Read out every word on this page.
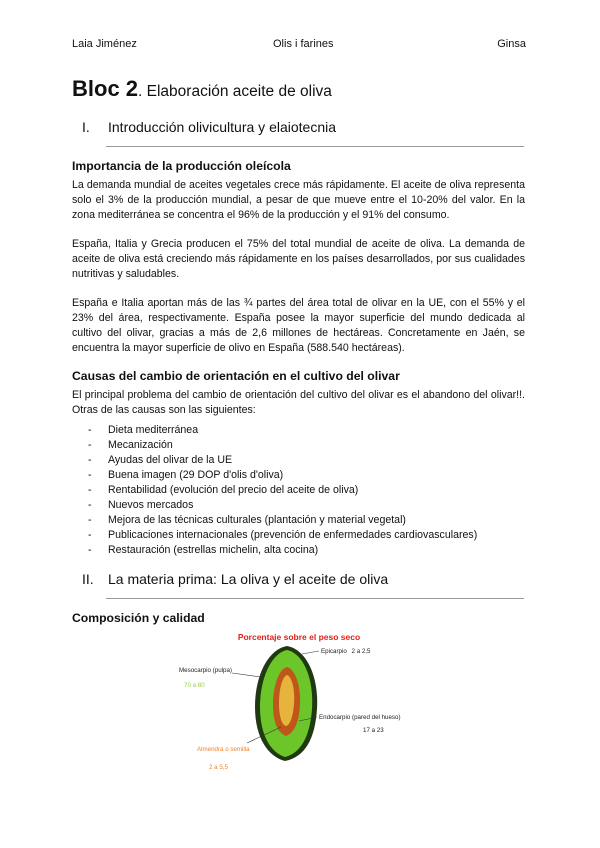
Laia Jiménez	Olis i farines	Ginsa
Bloc 2. Elaboración aceite de oliva
I. Introducción olivicultura y elaiotecnia
Importancia de la producción oleícola

La demanda mundial de aceites vegetales crece más rápidamente. El aceite de oliva representa solo el 3% de la producción mundial, a pesar de que mueve entre el 10-20% del valor. En la zona mediterránea se concentra el 96% de la producción y el 91% del consumo.

España, Italia y Grecia producen el 75% del total mundial de aceite de oliva. La demanda de aceite de oliva está creciendo más rápidamente en los países desarrollados, por sus cualidades nutritivas y saludables.

España e Italia aportan más de las ¾ partes del área total de olivar en la UE, con el 55% y el 23% del área, respectivamente. España posee la mayor superficie del mundo dedicada al cultivo del olivar, gracias a más de 2,6 millones de hectáreas. Concretamente en Jaén, se encuentra la mayor superficie de olivo en España (588.540 hectáreas).

Causas del cambio de orientación en el cultivo del olivar

El principal problema del cambio de orientación del cultivo del olivar es el abandono del olivar!!. Otras de las causas son las siguientes:

- Dieta mediterránea
- Mecanización
- Ayudas del olivar de la UE
- Buena imagen (29 DOP d'olis d'oliva)
- Rentabilidad (evolución del precio del aceite de oliva)
- Nuevos mercados
- Mejora de las técnicas culturales (plantación y material vegetal)
- Publicaciones internacionales (prevención de enfermedades cardiovasculares)
- Restauración (estrellas michelin, alta cocina)
II. La materia prima: La oliva y el aceite de oliva
Composición y calidad
Porcentaje sobre el peso seco
Epicarpio 2 a 2,5
Mesocarpio (pulpa)
70 a 80
Endocarpio (pared del hueso)
17 a 23
Almendra o semilla
2 a 5,5
